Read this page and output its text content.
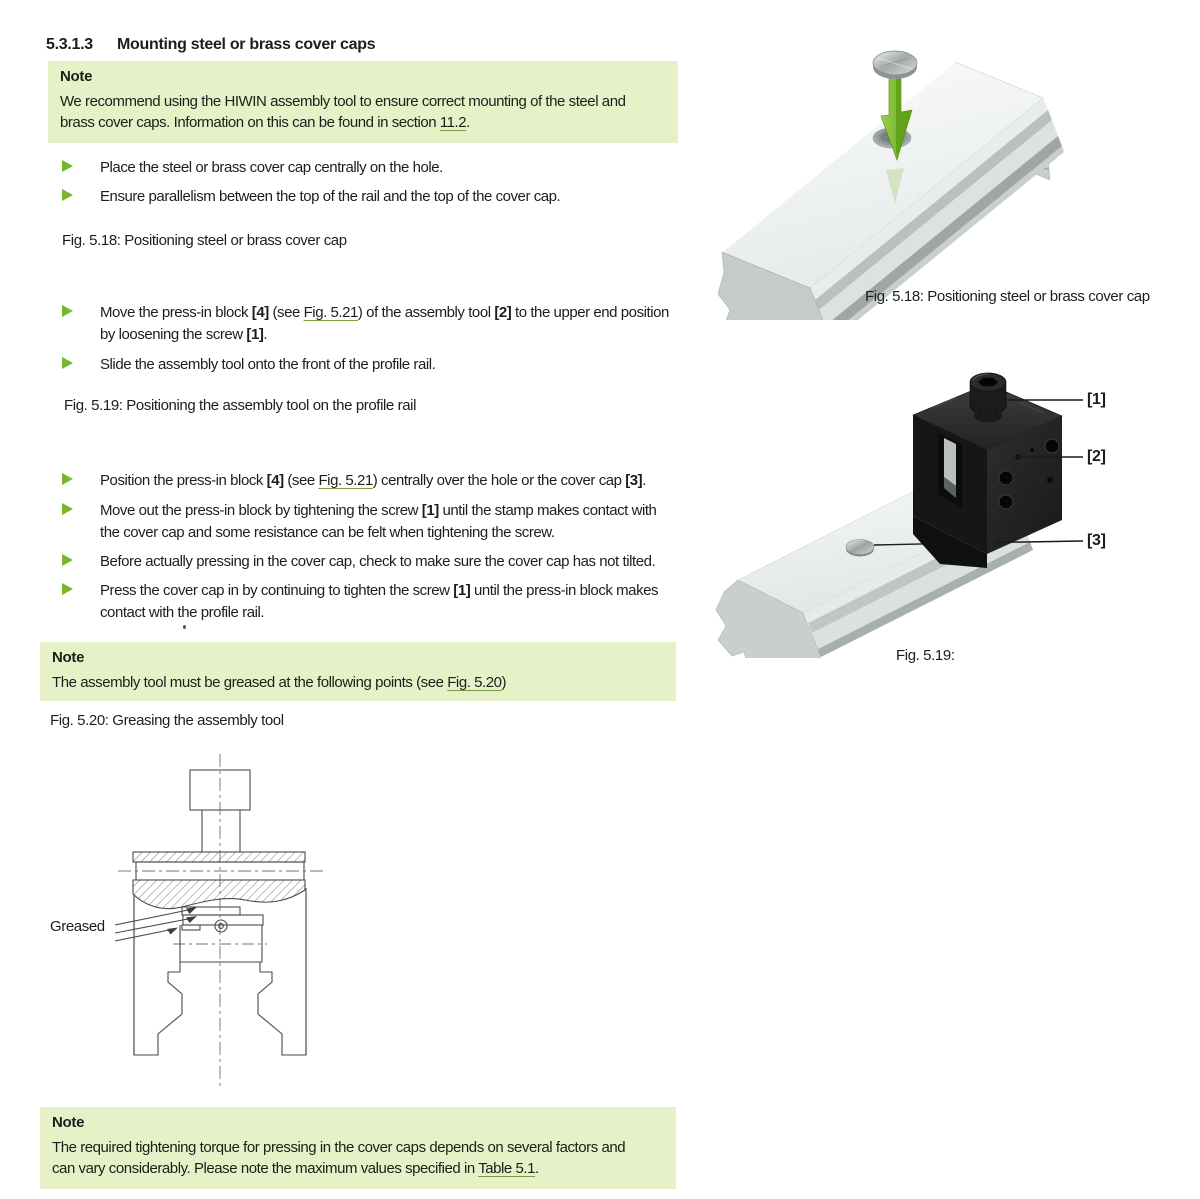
5.3.1.3	Mounting steel or brass cover caps
Note
We recommend using the HIWIN assembly tool to ensure correct mounting of the steel and
brass cover caps. Information on this can be found in section 11.2.
Place the steel or brass cover cap centrally on the hole.
Ensure parallelism between the top of the rail and the top of the cover cap.
Fig. 5.18: Positioning steel or brass cover cap
Move the press-in block [4] (see Fig. 5.21) of the assembly tool [2] to the upper end position
by loosening the screw [1].
Slide the assembly tool onto the front of the profile rail.
Fig. 5.19: Positioning the assembly tool on the profile rail
Position the press-in block [4] (see Fig. 5.21) centrally over the hole or the cover cap [3].
Move out the press-in block by tightening the screw [1] until the stamp makes contact with
the cover cap and some resistance can be felt when tightening the screw.
Before actually pressing in the cover cap, check to make sure the cover cap has not tilted.
Press the cover cap in by continuing to tighten the screw [1] until the press-in block makes
contact with the profile rail.
Note
The assembly tool must be greased at the following points (see Fig. 5.20)
Fig. 5.20: Greasing the assembly tool
Greased
Note
The required tightening torque for pressing in the cover caps depends on several factors and
can vary considerably. Please note the maximum values specified in Table 5.1.
Fig. 5.18: Positioning steel or brass cover cap
[1]
[2]
[3]
Fig. 5.19:
